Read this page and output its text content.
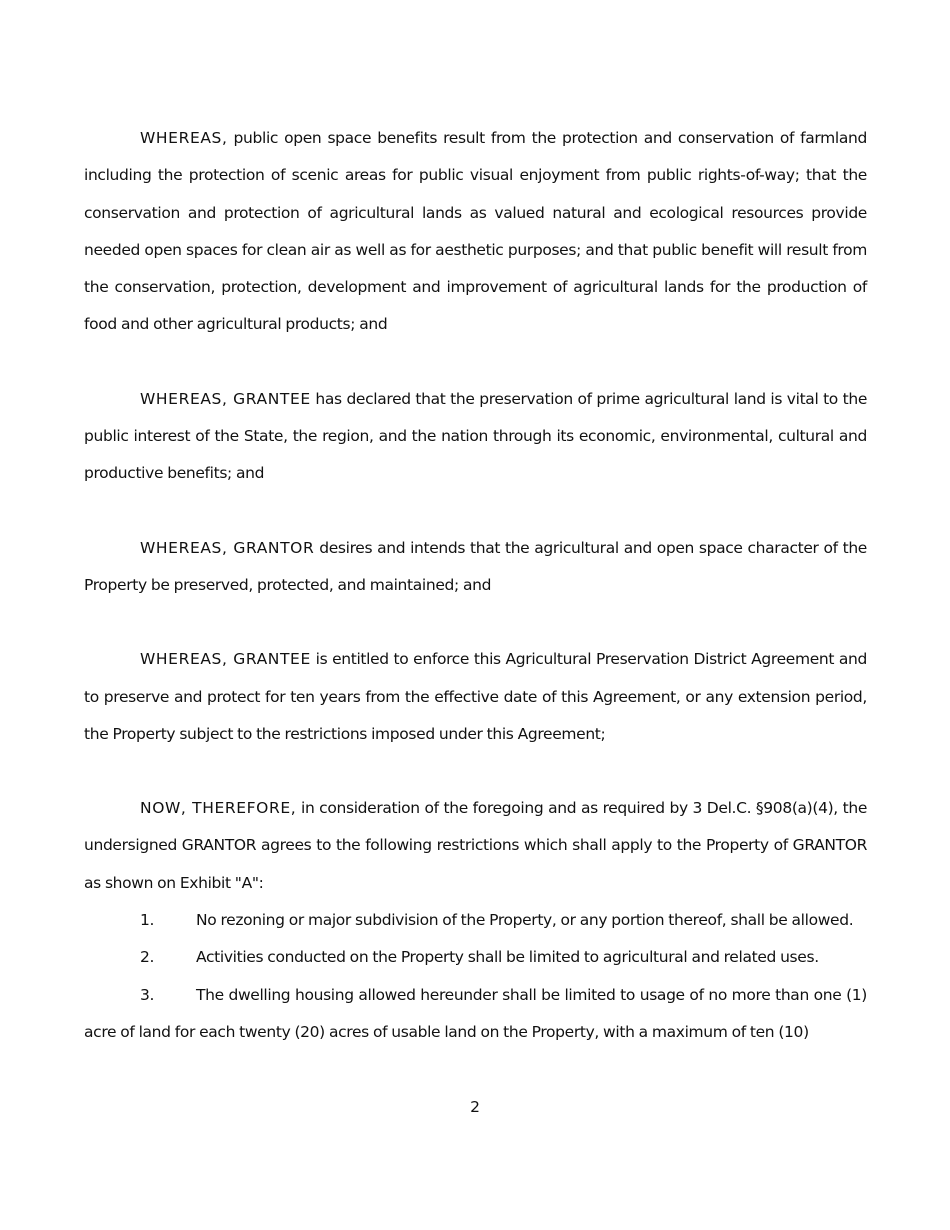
WHEREAS, public open space benefits result from the protection and conservation of farmland including the protection of scenic areas for public visual enjoyment from public rights-of-way; that the conservation and protection of agricultural lands as valued natural and ecological resources provide needed open spaces for clean air as well as for aesthetic purposes; and that public benefit will result from the conservation, protection, development and improvement of agricultural lands for the production of food and other agricultural products; and

WHEREAS, GRANTEE has declared that the preservation of prime agricultural land is vital to the public interest of the State, the region, and the nation through its economic, environmental, cultural and productive benefits; and

WHEREAS, GRANTOR desires and intends that the agricultural and open space character of the Property be preserved, protected, and maintained; and

WHEREAS, GRANTEE is entitled to enforce this Agricultural Preservation District Agreement and to preserve and protect for ten years from the effective date of this Agreement, or any extension period, the Property subject to the restrictions imposed under this Agreement;

NOW, THEREFORE, in consideration of the foregoing and as required by 3 Del.C. §908(a)(4), the undersigned GRANTOR agrees to the following restrictions which shall apply to the Property of GRANTOR as shown on Exhibit "A":

1.	No rezoning or major subdivision of the Property, or any portion thereof, shall be allowed.

2.	Activities conducted on the Property shall be limited to agricultural and related uses.

3.	The dwelling housing allowed hereunder shall be limited to usage of no more than one (1) acre of land for each twenty (20) acres of usable land on the Property, with a maximum of ten (10)

2
